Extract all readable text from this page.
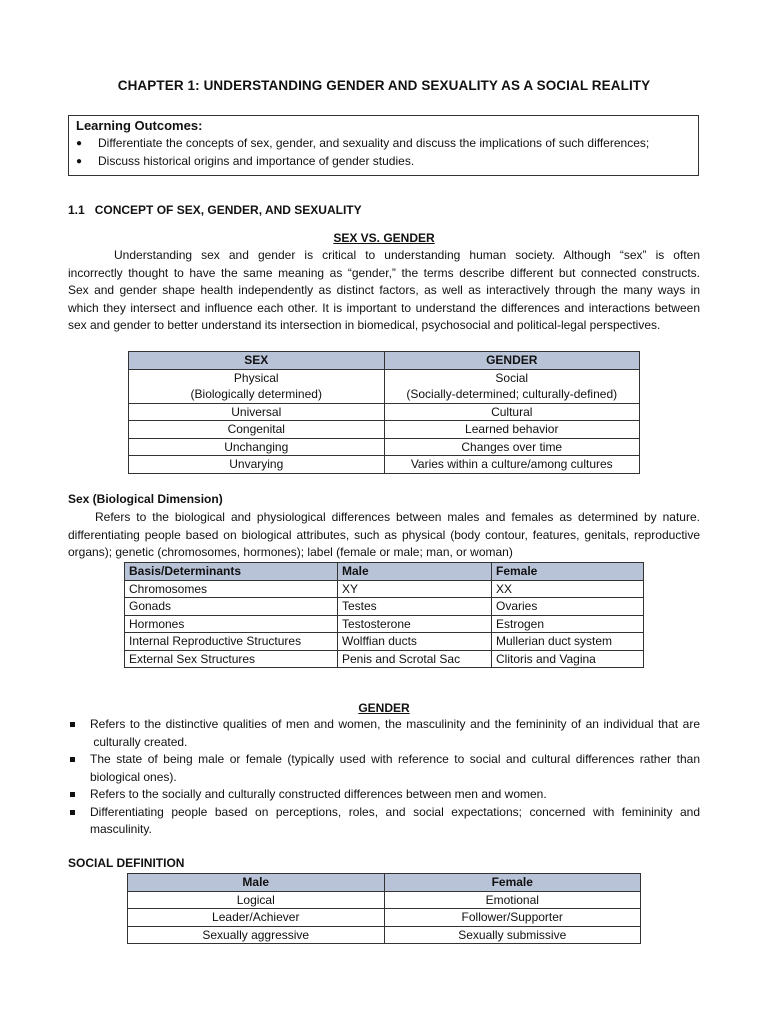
CHAPTER 1: UNDERSTANDING GENDER AND SEXUALITY AS A SOCIAL REALITY
Learning Outcomes:
● Differentiate the concepts of sex, gender, and sexuality and discuss the implications of such differences;
● Discuss historical origins and importance of gender studies.
1.1 CONCEPT OF SEX, GENDER, AND SEXUALITY
SEX VS. GENDER
Understanding sex and gender is critical to understanding human society. Although “sex” is often
incorrectly thought to have the same meaning as “gender,” the terms describe different but connected constructs.
Sex and gender shape health independently as distinct factors, as well as interactively through the many ways in
which they intersect and influence each other. It is important to understand the differences and interactions between
sex and gender to better understand its intersection in biomedical, psychosocial and political-legal perspectives.
SEX	GENDER
Physical	Social
(Biologically determined)	(Socially-determined; culturally-defined)
Universal	Cultural
Congenital	Learned behavior
Unchanging	Changes over time
Unvarying	Varies within a culture/among cultures
Sex (Biological Dimension)
Refers to the biological and physiological differences between males and females as determined by nature.
differentiating people based on biological attributes, such as physical (body contour, features, genitals, reproductive
organs); genetic (chromosomes, hormones); label (female or male; man, or woman)
Basis/Determinants	Male	Female
Chromosomes	XY	XX
Gonads	Testes	Ovaries
Hormones	Testosterone	Estrogen
Internal Reproductive Structures	Wolffian ducts	Mullerian duct system
External Sex Structures	Penis and Scrotal Sac	Clitoris and Vagina
GENDER
Refers to the distinctive qualities of men and women, the masculinity and the femininity of an individual that are
culturally created.
The state of being male or female (typically used with reference to social and cultural differences rather than
biological ones).
Refers to the socially and culturally constructed differences between men and women.
Differentiating people based on perceptions, roles, and social expectations; concerned with femininity and
masculinity.
SOCIAL DEFINITION
Male	Female
Logical	Emotional
Leader/Achiever	Follower/Supporter
Sexually aggressive	Sexually submissive
